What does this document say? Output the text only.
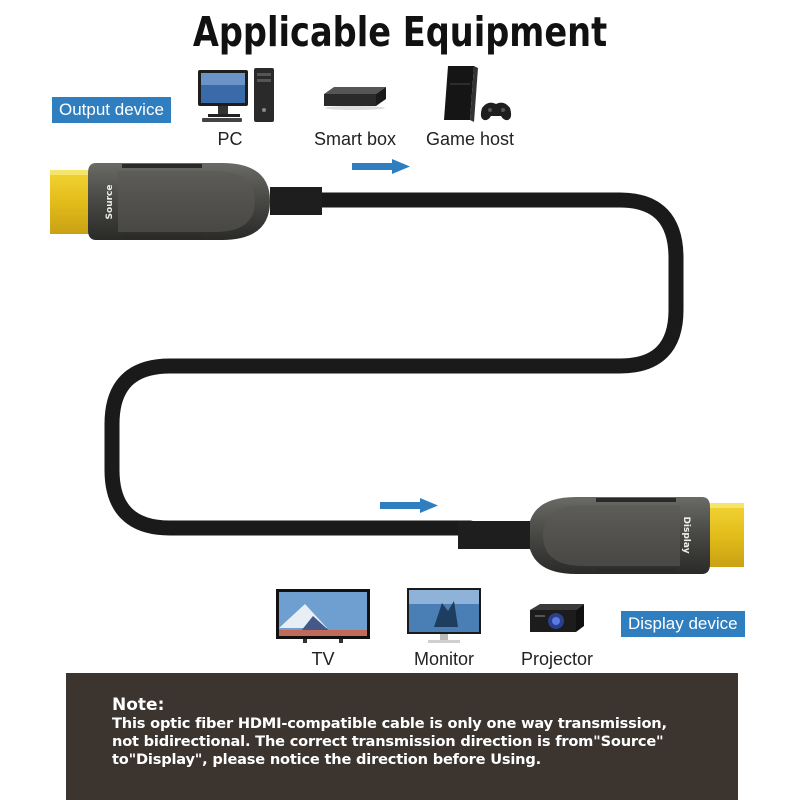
Applicable Equipment
Output device
PC	Smart box	Game host
Source
Display
TV	Monitor	Projector
Display device
Note:
This optic fiber HDMI-compatible cable is only one way transmission,
not bidirectional. The correct transmission direction is from"Source"
to"Display", please notice the direction before Using.
